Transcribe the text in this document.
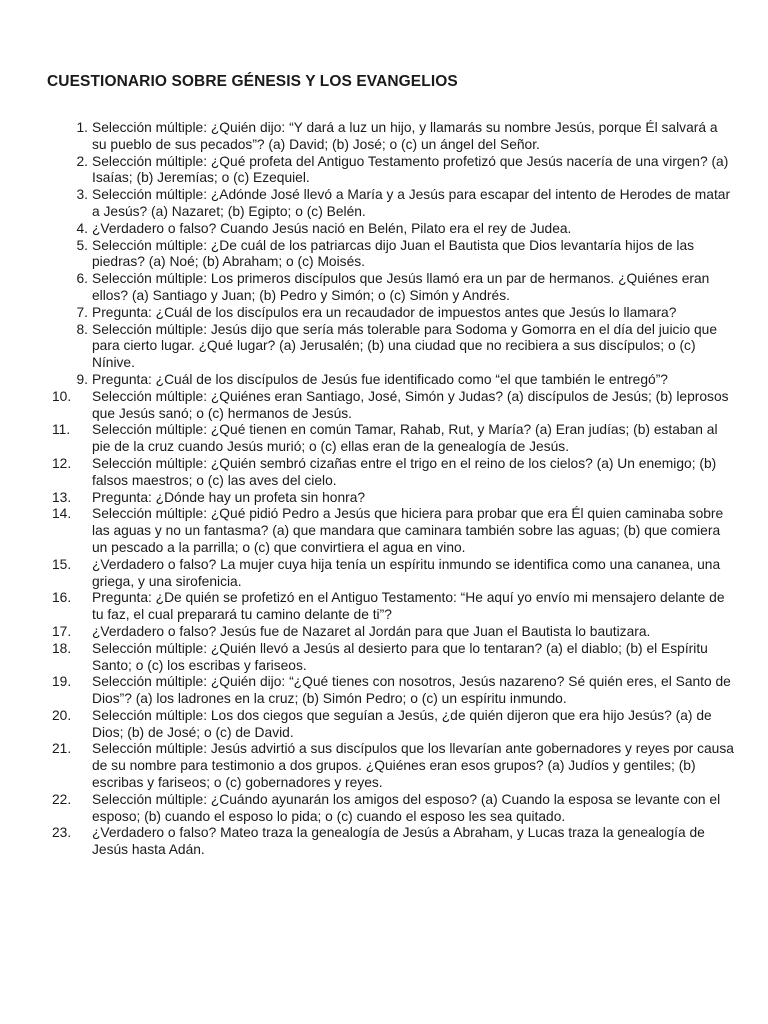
CUESTIONARIO SOBRE GÉNESIS Y LOS EVANGELIOS
1. Selección múltiple: ¿Quién dijo: “Y dará a luz un hijo, y llamarás su nombre Jesús, porque Él salvará a su pueblo de sus pecados”? (a) David; (b) José; o (c) un ángel del Señor.
2. Selección múltiple: ¿Qué profeta del Antiguo Testamento profetizó que Jesús nacería de una virgen? (a) Isaías; (b) Jeremías; o (c) Ezequiel.
3. Selección múltiple: ¿Adónde José llevó a María y a Jesús para escapar del intento de Herodes de matar a Jesús? (a) Nazaret; (b) Egipto; o (c) Belén.
4. ¿Verdadero o falso? Cuando Jesús nació en Belén, Pilato era el rey de Judea.
5. Selección múltiple: ¿De cuál de los patriarcas dijo Juan el Bautista que Dios levantaría hijos de las piedras? (a) Noé; (b) Abraham; o (c) Moisés.
6. Selección múltiple: Los primeros discípulos que Jesús llamó era un par de hermanos. ¿Quiénes eran ellos? (a) Santiago y Juan; (b) Pedro y Simón; o (c) Simón y Andrés.
7. Pregunta: ¿Cuál de los discípulos era un recaudador de impuestos antes que Jesús lo llamara?
8. Selección múltiple: Jesús dijo que sería más tolerable para Sodoma y Gomorra en el día del juicio que para cierto lugar. ¿Qué lugar? (a) Jerusalén; (b) una ciudad que no recibiera a sus discípulos; o (c) Nínive.
9. Pregunta: ¿Cuál de los discípulos de Jesús fue identificado como “el que también le entregó”?
10.	Selección múltiple: ¿Quiénes eran Santiago, José, Simón y Judas? (a) discípulos de Jesús; (b) leprosos que Jesús sanó; o (c) hermanos de Jesús.
11.	Selección múltiple: ¿Qué tienen en común Tamar, Rahab, Rut, y María? (a) Eran judías; (b) estaban al pie de la cruz cuando Jesús murió; o (c) ellas eran de la genealogía de Jesús.
12.	Selección múltiple: ¿Quién sembró cizañas entre el trigo en el reino de los cielos? (a) Un enemigo; (b) falsos maestros; o (c) las aves del cielo.
13.	Pregunta: ¿Dónde hay un profeta sin honra?
14.	Selección múltiple: ¿Qué pidió Pedro a Jesús que hiciera para probar que era Él quien caminaba sobre las aguas y no un fantasma? (a) que mandara que caminara también sobre las aguas; (b) que comiera un pescado a la parrilla; o (c) que convirtiera el agua en vino.
15.	¿Verdadero o falso? La mujer cuya hija tenía un espíritu inmundo se identifica como una cananea, una griega, y una sirofenicia.
16.	Pregunta: ¿De quién se profetizó en el Antiguo Testamento: “He aquí yo envío mi mensajero delante de tu faz, el cual preparará tu camino delante de ti”?
17.	¿Verdadero o falso? Jesús fue de Nazaret al Jordán para que Juan el Bautista lo bautizara.
18.	Selección múltiple: ¿Quién llevó a Jesús al desierto para que lo tentaran? (a) el diablo; (b) el Espíritu Santo; o (c) los escribas y fariseos.
19.	Selección múltiple: ¿Quién dijo: “¿Qué tienes con nosotros, Jesús nazareno? Sé quién eres, el Santo de Dios”? (a) los ladrones en la cruz; (b) Simón Pedro; o (c) un espíritu inmundo.
20.	Selección múltiple: Los dos ciegos que seguían a Jesús, ¿de quién dijeron que era hijo Jesús? (a) de Dios; (b) de José; o (c) de David.
21.	Selección múltiple: Jesús advirtió a sus discípulos que los llevarían ante gobernadores y reyes por causa de su nombre para testimonio a dos grupos. ¿Quiénes eran esos grupos? (a) Judíos y gentiles; (b) escribas y fariseos; o (c) gobernadores y reyes.
22.	Selección múltiple: ¿Cuándo ayunarán los amigos del esposo? (a) Cuando la esposa se levante con el esposo; (b) cuando el esposo lo pida; o (c) cuando el esposo les sea quitado.
23.	¿Verdadero o falso? Mateo traza la genealogía de Jesús a Abraham, y Lucas traza la genealogía de Jesús hasta Adán.
